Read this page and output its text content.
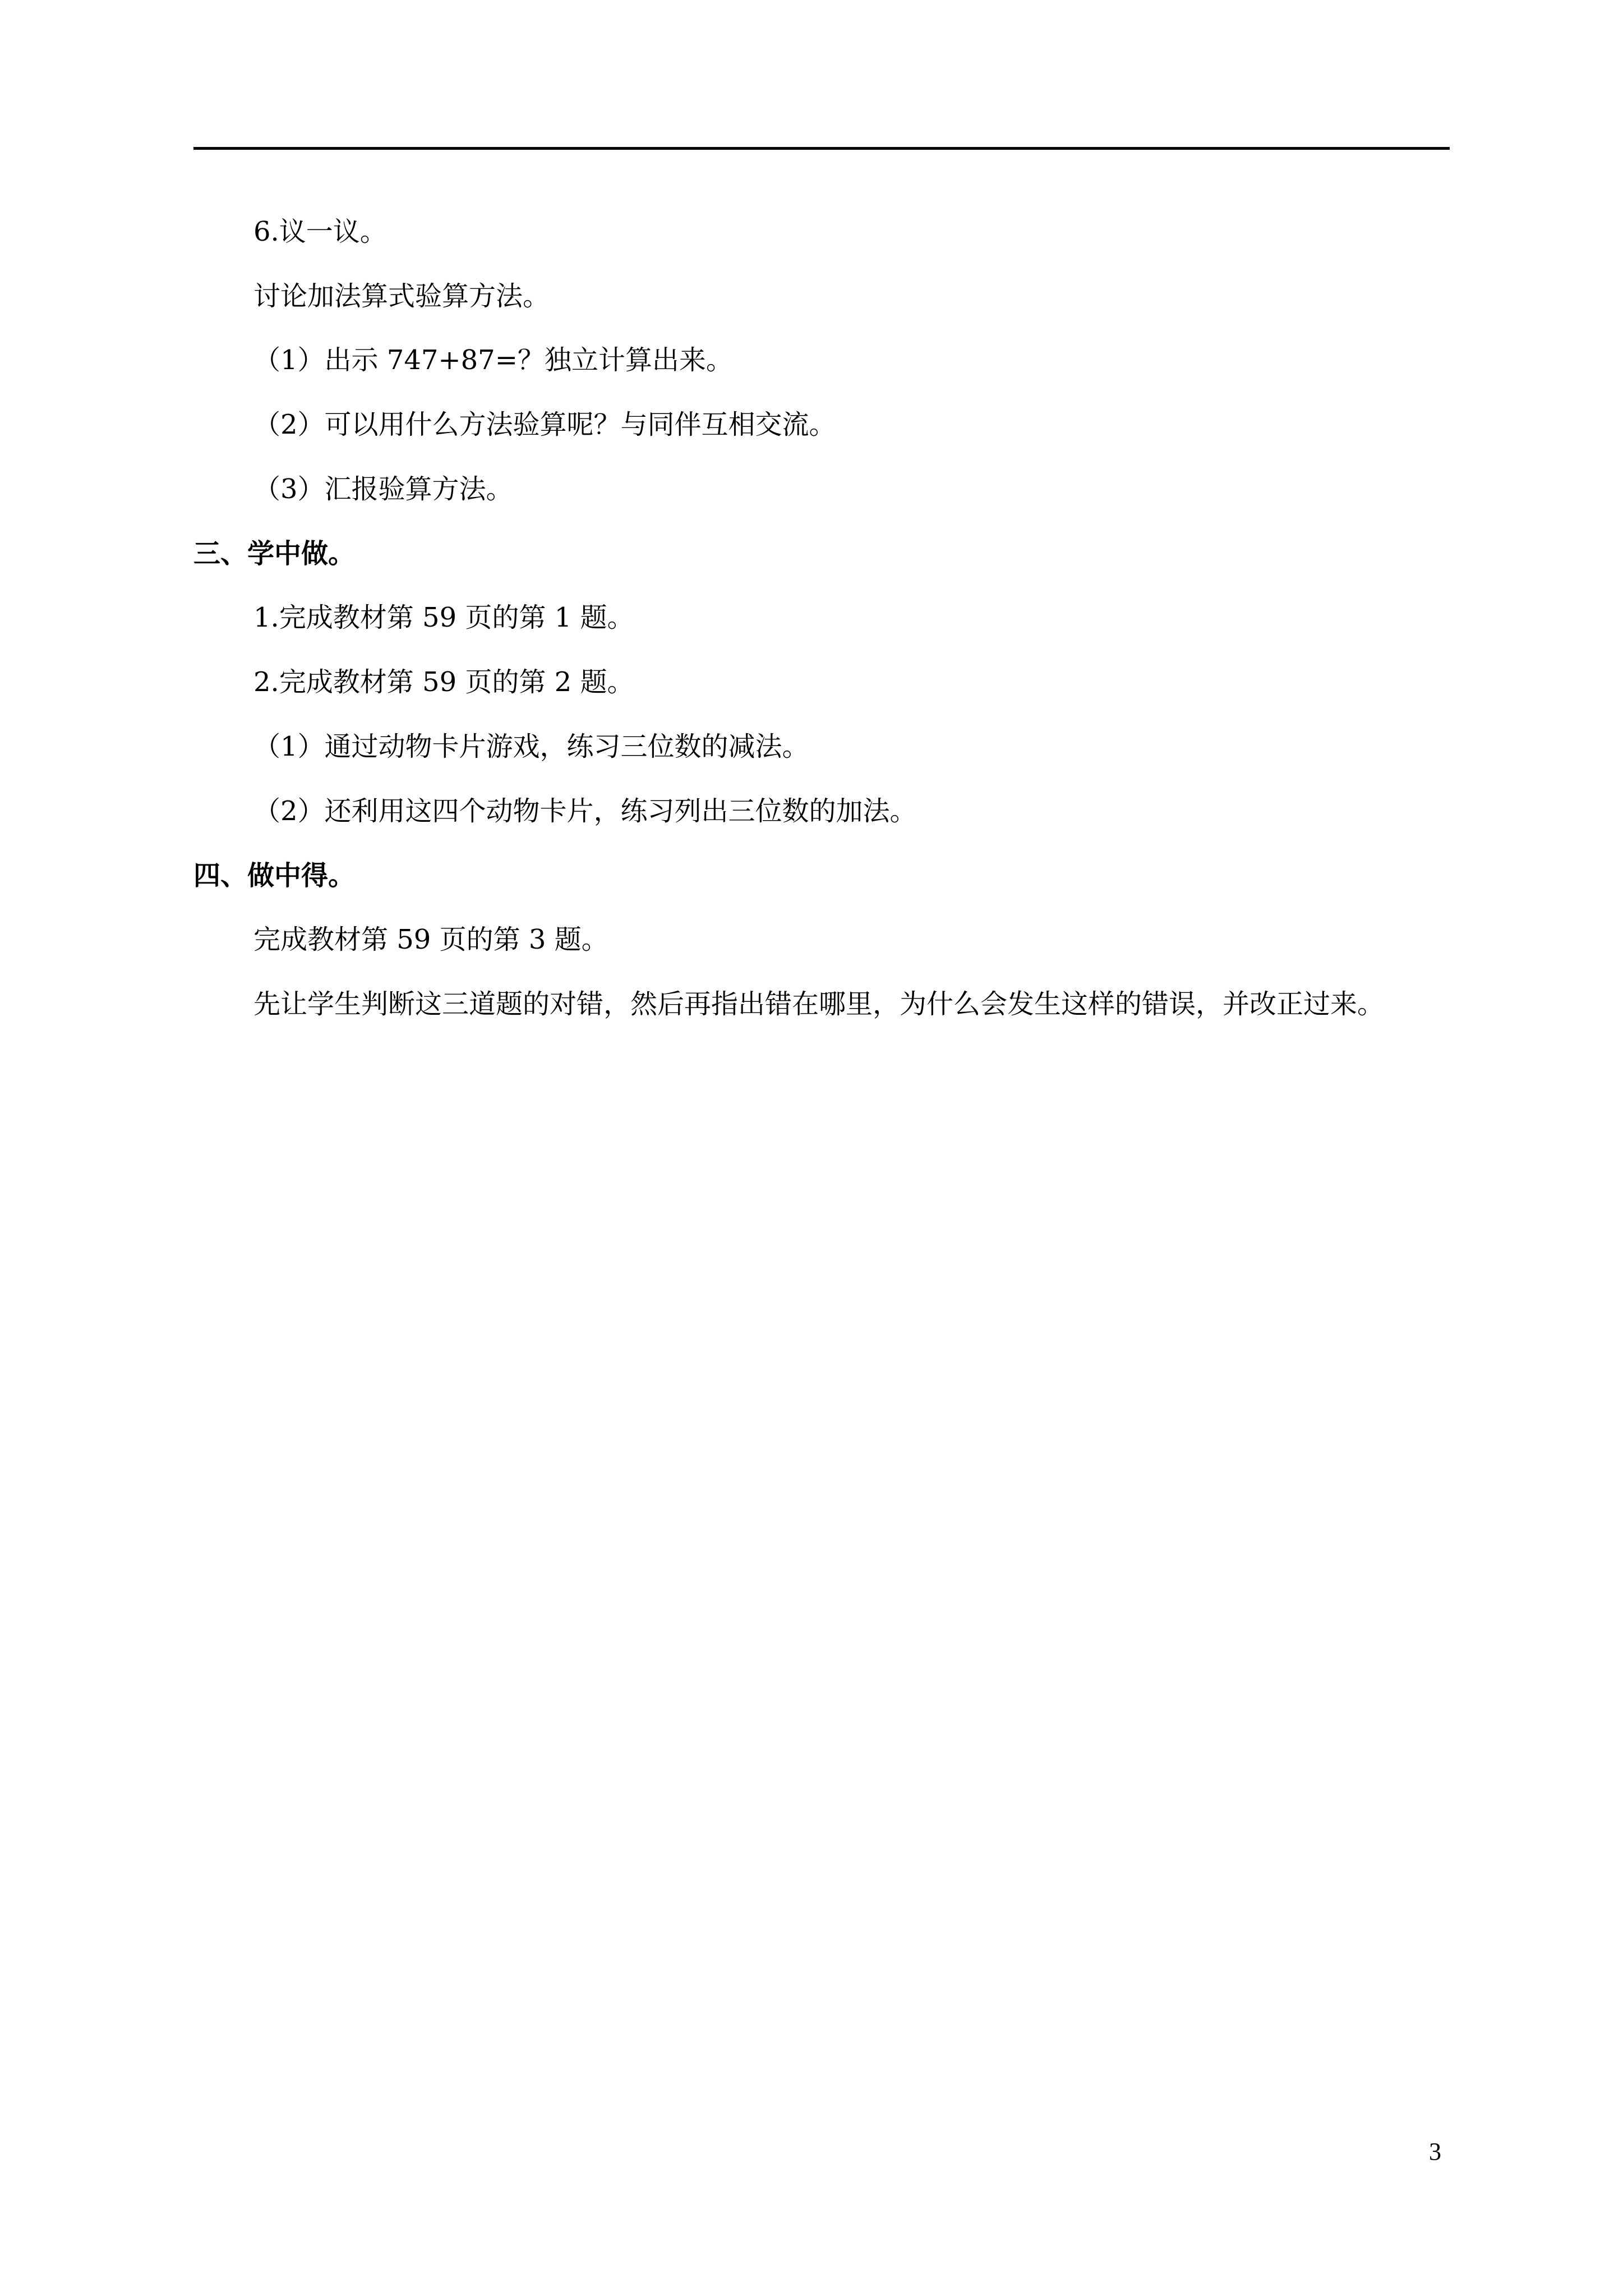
6.议一议。
讨论加法算式验算方法。
（1）出示 747+87=？独立计算出来。
（2）可以用什么方法验算呢？与同伴互相交流。
（3）汇报验算方法。
三、学中做。
1.完成教材第 59 页的第 1 题。
2.完成教材第 59 页的第 2 题。
（1）通过动物卡片游戏，练习三位数的减法。
（2）还利用这四个动物卡片，练习列出三位数的加法。
四、做中得。
完成教材第 59 页的第 3 题。
先让学生判断这三道题的对错，然后再指出错在哪里，为什么会发生这样的错误，并改正过来。
3
